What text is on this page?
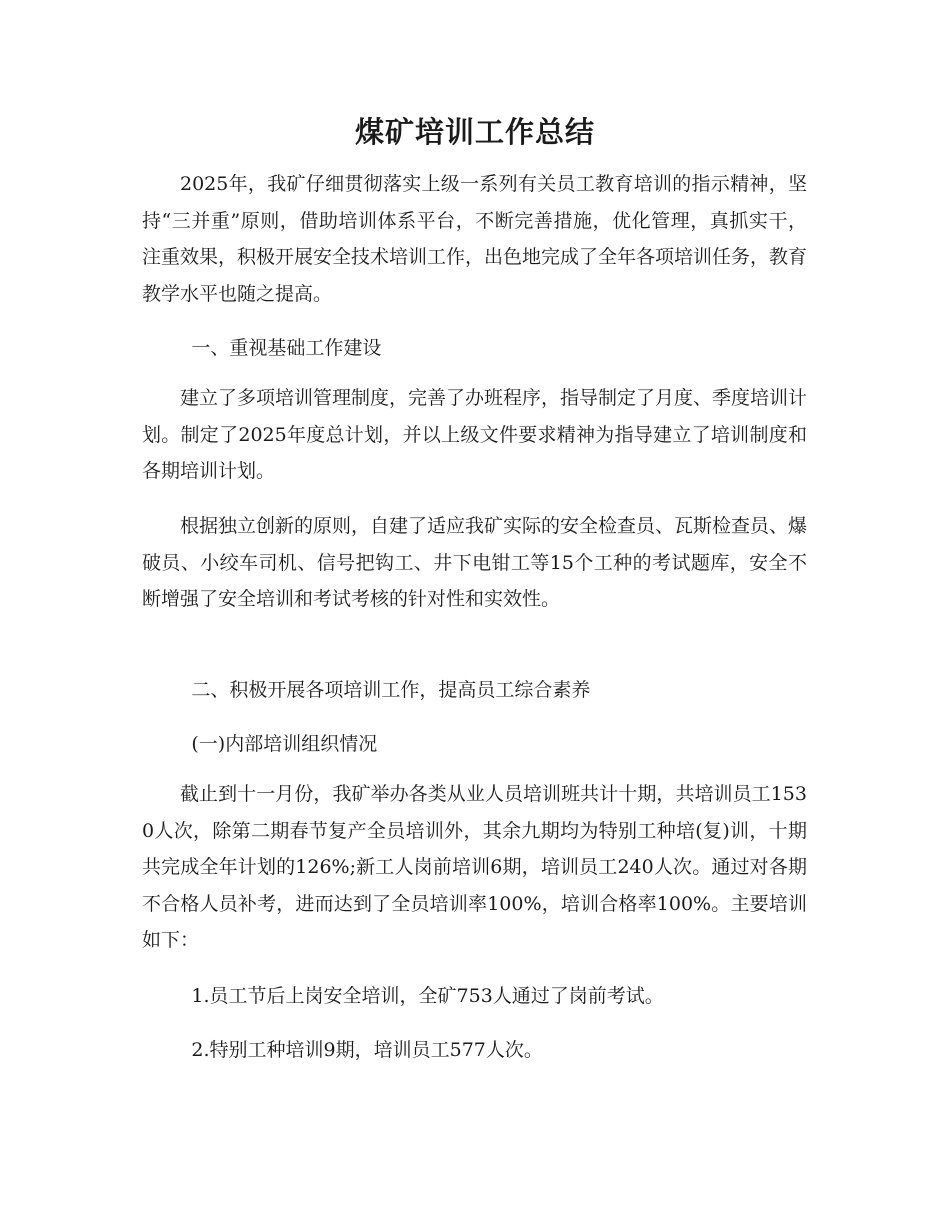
煤矿培训工作总结

2025年，我矿仔细贯彻落实上级一系列有关员工教育培训的指示精神，坚持“三并重”原则，借助培训体系平台，不断完善措施，优化管理，真抓实干，注重效果，积极开展安全技术培训工作，出色地完成了全年各项培训任务，教育教学水平也随之提高。

一、重视基础工作建设

建立了多项培训管理制度，完善了办班程序，指导制定了月度、季度培训计划。制定了2025年度总计划，并以上级文件要求精神为指导建立了培训制度和各期培训计划。

根据独立创新的原则，自建了适应我矿实际的安全检查员、瓦斯检查员、爆破员、小绞车司机、信号把钩工、井下电钳工等15个工种的考试题库，安全不断增强了安全培训和考试考核的针对性和实效性。

二、积极开展各项培训工作，提高员工综合素养

(一)内部培训组织情况

截止到十一月份，我矿举办各类从业人员培训班共计十期，共培训员工1530人次，除第二期春节复产全员培训外，其余九期均为特别工种培(复)训，十期共完成全年计划的126%;新工人岗前培训6期，培训员工240人次。通过对各期不合格人员补考，进而达到了全员培训率100%，培训合格率100%。主要培训如下：

1.员工节后上岗安全培训，全矿753人通过了岗前考试。

2.特别工种培训9期，培训员工577人次。
